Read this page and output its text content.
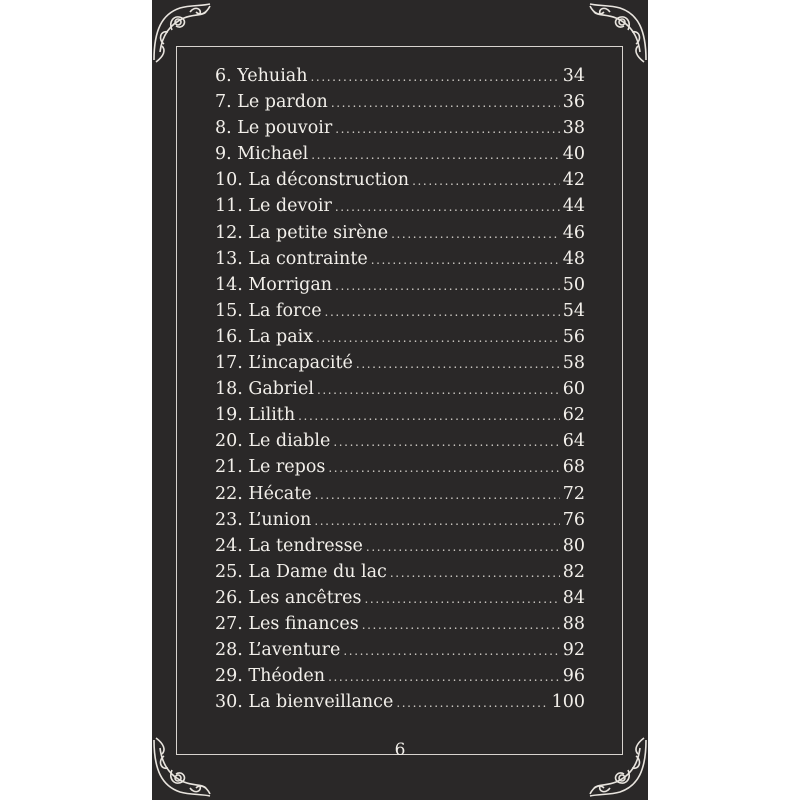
6. Yehuiah .....	34
7. Le pardon .....	36
8. Le pouvoir .....	38
9. Michael .....	40
10. La déconstruction .....	42
11. Le devoir .....	44
12. La petite sirène .....	46
13. La contrainte .....	48
14. Morrigan .....	50
15. La force .....	54
16. La paix .....	56
17. L’incapacité .....	58
18. Gabriel .....	60
19. Lilith .....	62
20. Le diable .....	64
21. Le repos .....	68
22. Hécate .....	72
23. L’union .....	76
24. La tendresse .....	80
25. La Dame du lac .....	82
26. Les ancêtres .....	84
27. Les finances .....	88
28. L’aventure .....	92
29. Théoden .....	96
30. La bienveillance .....	100
6
